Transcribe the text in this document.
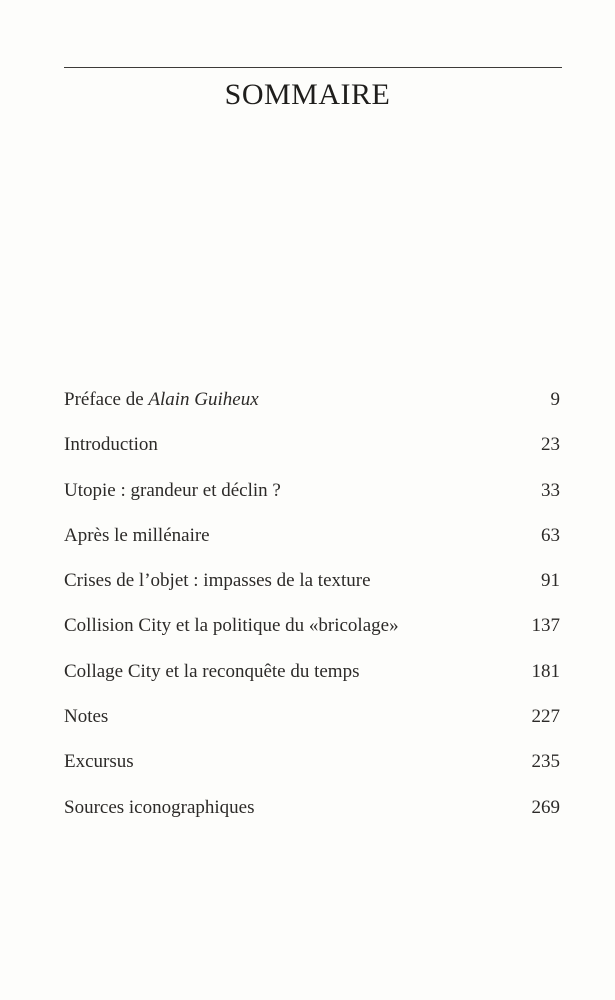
SOMMAIRE
Préface de Alain Guiheux	9
Introduction	23
Utopie : grandeur et déclin ?	33
Après le millénaire	63
Crises de l’objet : impasses de la texture	91
Collision City et la politique du «bricolage»	137
Collage City et la reconquête du temps	181
Notes	227
Excursus	235
Sources iconographiques	269
